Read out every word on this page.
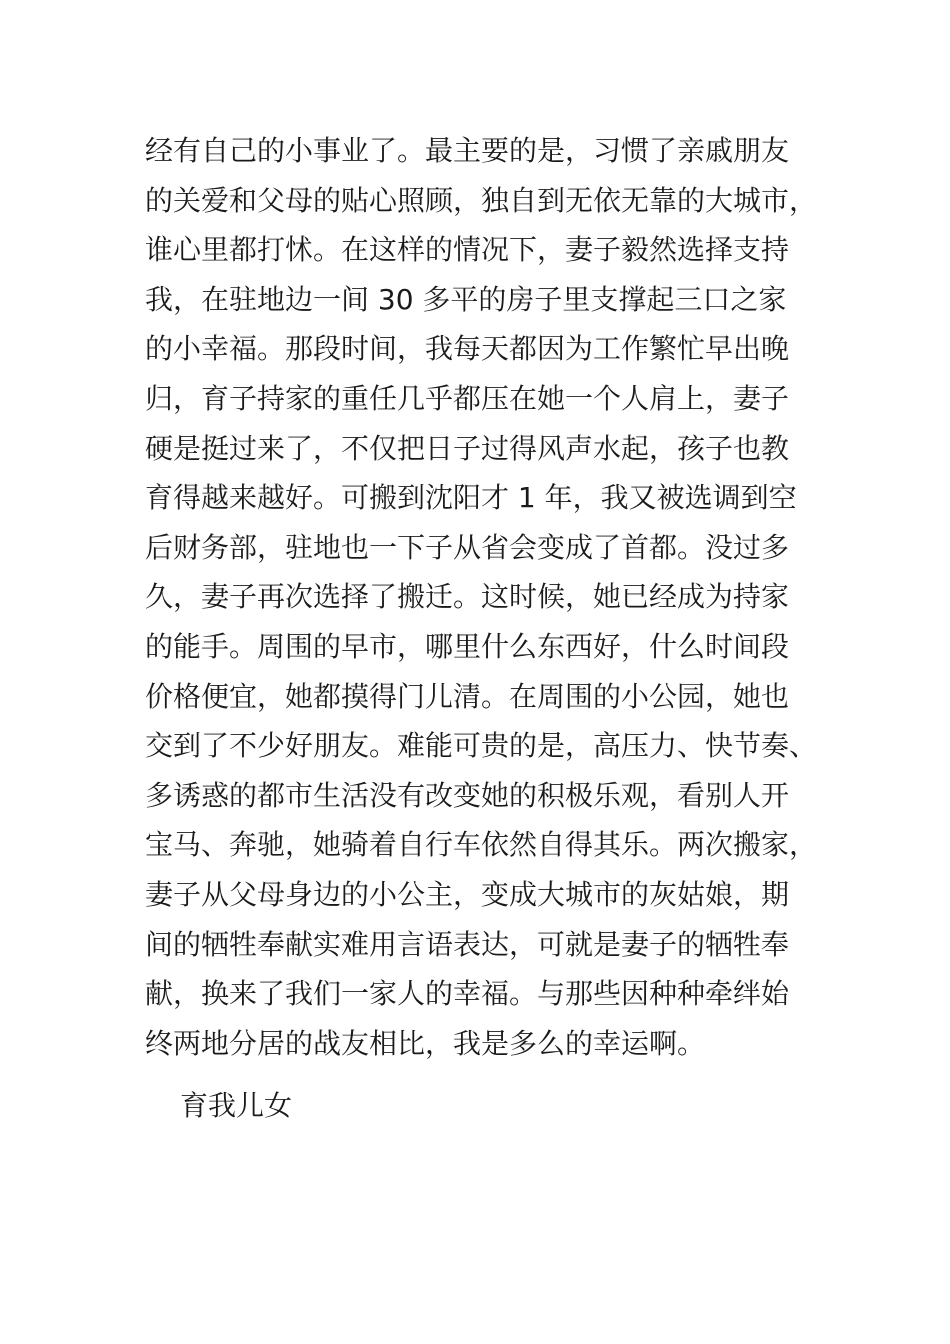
经有自己的小事业了。最主要的是，习惯了亲戚朋友
的关爱和父母的贴心照顾，独自到无依无靠的大城市，
谁心里都打怵。在这样的情况下，妻子毅然选择支持
我，在驻地边一间 30 多平的房子里支撑起三口之家
的小幸福。那段时间，我每天都因为工作繁忙早出晚
归，育子持家的重任几乎都压在她一个人肩上，妻子
硬是挺过来了，不仅把日子过得风声水起，孩子也教
育得越来越好。可搬到沈阳才 1 年，我又被选调到空
后财务部，驻地也一下子从省会变成了首都。没过多
久，妻子再次选择了搬迁。这时候，她已经成为持家
的能手。周围的早市，哪里什么东西好，什么时间段
价格便宜，她都摸得门儿清。在周围的小公园，她也
交到了不少好朋友。难能可贵的是，高压力、快节奏、
多诱惑的都市生活没有改变她的积极乐观，看别人开
宝马、奔驰，她骑着自行车依然自得其乐。两次搬家，
妻子从父母身边的小公主，变成大城市的灰姑娘，期
间的牺牲奉献实难用言语表达，可就是妻子的牺牲奉
献，换来了我们一家人的幸福。与那些因种种牵绊始
终两地分居的战友相比，我是多么的幸运啊。
育我儿女
